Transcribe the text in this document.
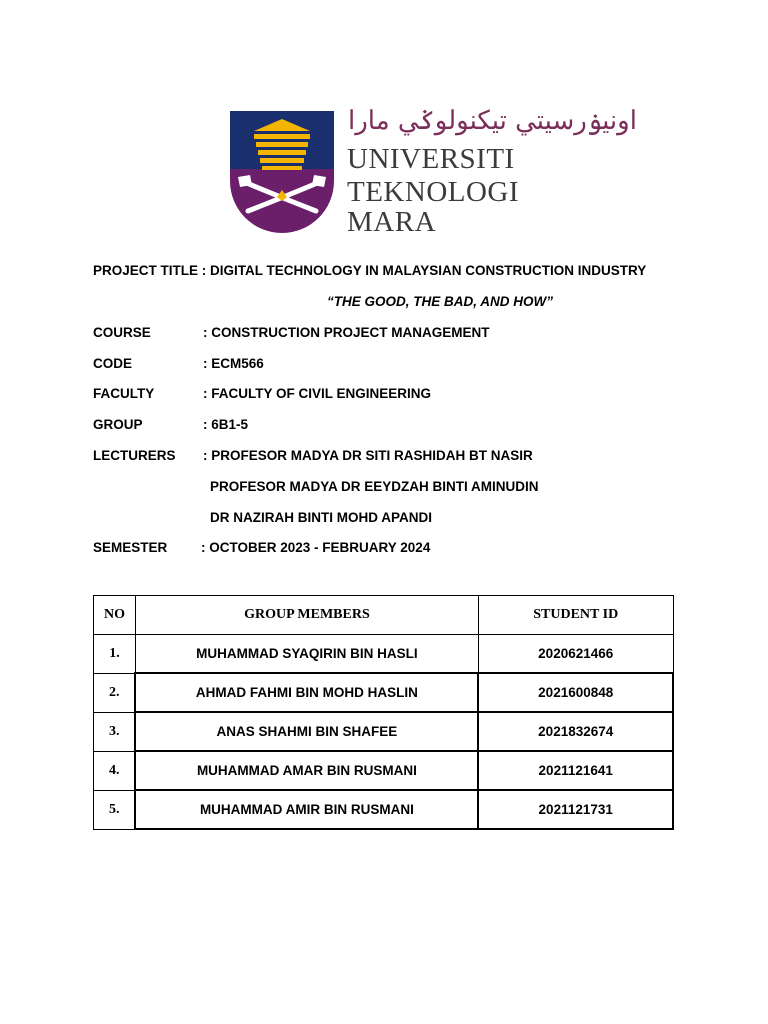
اونيۏرسيتي تيكنولوݢي مارا
UNIVERSITI
TEKNOLOGI
MARA
PROJECT TITLE : DIGITAL TECHNOLOGY IN MALAYSIAN CONSTRUCTION INDUSTRY
“THE GOOD, THE BAD, AND HOW”
COURSE	: CONSTRUCTION PROJECT MANAGEMENT
CODE	: ECM566
FACULTY	: FACULTY OF CIVIL ENGINEERING
GROUP	: 6B1-5
LECTURERS : PROFESOR MADYA DR SITI RASHIDAH BT NASIR
PROFESOR MADYA DR EEYDZAH BINTI AMINUDIN
DR NAZIRAH BINTI MOHD APANDI
SEMESTER : OCTOBER 2023 - FEBRUARY 2024
NO	GROUP MEMBERS	STUDENT ID
1.	MUHAMMAD SYAQIRIN BIN HASLI	2020621466
2.	AHMAD FAHMI BIN MOHD HASLIN	2021600848
3.	ANAS SHAHMI BIN SHAFEE	2021832674
4.	MUHAMMAD AMAR BIN RUSMANI	2021121641
5.	MUHAMMAD AMIR BIN RUSMANI	2021121731
